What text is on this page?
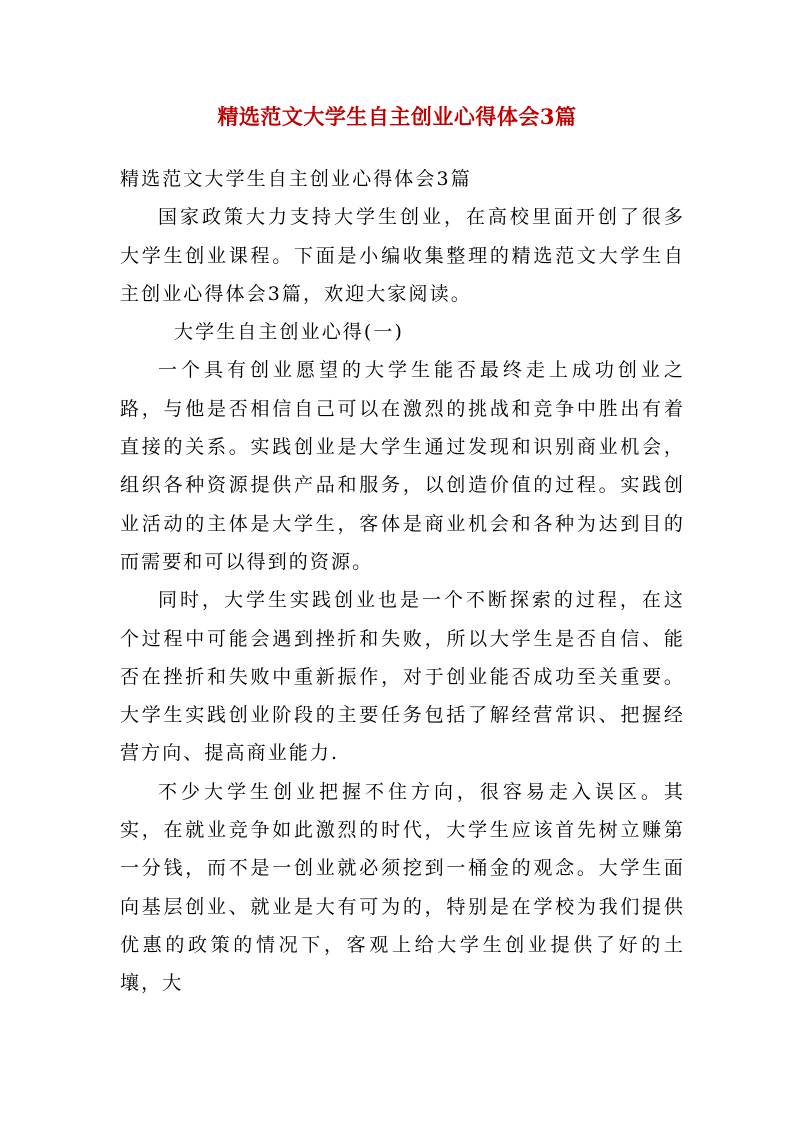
精选范文大学生自主创业心得体会3篇

精选范文大学生自主创业心得体会3篇

国家政策大力支持大学生创业，在高校里面开创了很多大学生创业课程。下面是小编收集整理的精选范文大学生自主创业心得体会3篇，欢迎大家阅读。

大学生自主创业心得(一)

一个具有创业愿望的大学生能否最终走上成功创业之路，与他是否相信自己可以在激烈的挑战和竞争中胜出有着直接的关系。实践创业是大学生通过发现和识别商业机会，组织各种资源提供产品和服务，以创造价值的过程。实践创业活动的主体是大学生，客体是商业机会和各种为达到目的而需要和可以得到的资源。

同时，大学生实践创业也是一个不断探索的过程，在这个过程中可能会遇到挫折和失败，所以大学生是否自信、能否在挫折和失败中重新振作，对于创业能否成功至关重要。大学生实践创业阶段的主要任务包括了解经营常识、把握经营方向、提高商业能力.

不少大学生创业把握不住方向，很容易走入误区。其实，在就业竞争如此激烈的时代，大学生应该首先树立赚第一分钱，而不是一创业就必须挖到一桶金的观念。大学生面向基层创业、就业是大有可为的，特别是在学校为我们提供优惠的政策的情况下，客观上给大学生创业提供了好的土壤，大
